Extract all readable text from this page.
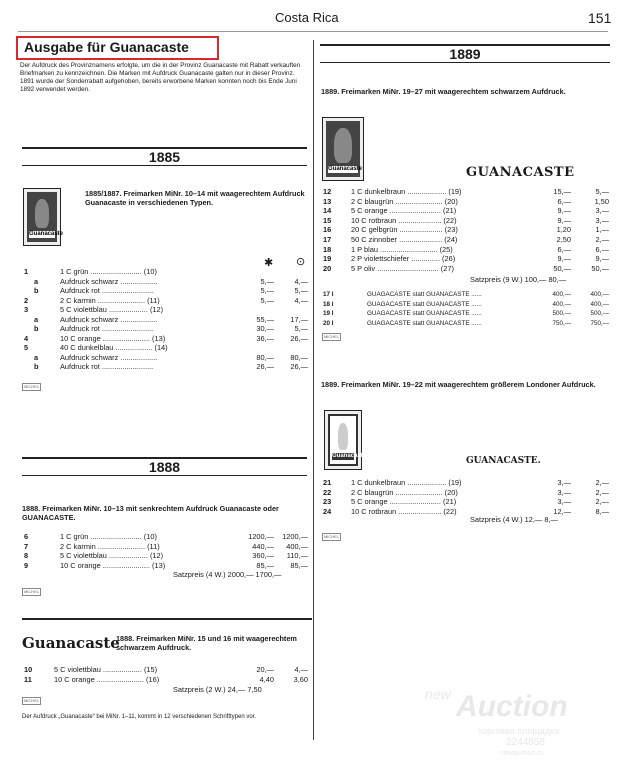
Costa Rica	151
Ausgabe für Guanacaste
Der Aufdruck des Provinznamens erfolgte, um die in der Provinz Guanacaste mit Rabatt verkauften Briefmarken zu kennzeichnen. Die Marken mit Aufdruck Guanacaste galten nur in dieser Provinz. 1891 wurde der Sonderrabatt aufgehoben, bereits erworbene Marken konnten noch bis Ende Juni 1892 verwendet werden.
1885
Guanacaste
1885/1887. Freimarken MiNr. 10–14 mit waagerechtem Aufdruck Guanacaste in verschiedenen Typen.
✱ ⊙
1	1 C grün ......................... (10)
a	Aufdruck schwarz ..................	5,—	4,—
b	Aufdruck rot .........................	5,—	5,—
2	2 C karmin ....................... (11)	5,—	4,—
3	5 C violettblau ................... (12)
a	Aufdruck schwarz ..................	55,— 17,—
b	Aufdruck rot .........................	30,—	5,—
4	10 C orange ....................... (13)	36,— 26,—
5	40 C dunkelblau .................. (14)
a	Aufdruck schwarz ..................	80,— 80,—
b	Aufdruck rot .........................	26,— 26,—
MICHEL
1888
1888. Freimarken MiNr. 10–13 mit senkrechtem Aufdruck Guanacaste oder GUANACASTE.
6	1 C grün ......................... (10)	1200,— 1200,—
7	2 C karmin ....................... (11)	440,— 400,—
8	5 C violettblau ................... (12)	360,— 110,—
9	10 C orange ....................... (13)	85,— 85,—
Satzpreis (4 W.) 2000,— 1700,—
MICHEL
Guanacaste
1888. Freimarken MiNr. 15 und 16 mit waagerechtem schwarzem Aufdruck.
10	5 C violettblau ................... (15)	20,—	4,—
11	10 C orange ....................... (16)	4,40	3,60
Satzpreis (2 W.) 24,— 7,50
MICHEL
Der Aufdruck „Guanacaste“ bei MiNr. 1–11, kommt in 12 verschiedenen Schrifttypen vor.
1889
1889. Freimarken MiNr. 19–27 mit waagerechtem schwarzem Aufdruck.
Guanacaste	GUANACASTE
12	1 C dunkelbraun ................... (19)	15,—	5,—
13	2 C blaugrün ....................... (20)	6,—	1,50
14	5 C orange ......................... (21)	9,—	3,—
15	10 C rotbraun ..................... (22)	9,—	3,—
16	20 C gelbgrün ..................... (23)	1,20	1,—
17	50 C zinnober ..................... (24)	2,50	2,—
18	1 P blau ............................ (25)	6,—	6,—
19	2 P violettschiefer .............. (26)	9,—	9,—
20	5 P oliv .............................. (27)	50,—	50,—
Satzpreis (9 W.) 100,— 80,—
17 I	GUAGACASTE statt GUANACASTE ......	400,—	400,—
18 I	GUAGACASTE statt GUANACASTE ......	400,—	400,—
19 I	GUAGACASTE statt GUANACASTE ......	500,—	500,—
20 I	GUAGACASTE statt GUANACASTE ......	750,—	750,—
MICHEL
1889. Freimarken MiNr. 19–22 mit waagerechtem größerem Londoner Aufdruck.
Guanacaste	GUANACASTE.
21	1 C dunkelbraun ................... (19)	3,—	2,—
22	2 C blaugrün ....................... (20)	3,—	2,—
23	5 C orange ......................... (21)	3,—	2,—
24	10 C rotbraun ..................... (22)	12,—	8,—
Satzpreis (4 W.) 12,— 8,—
MICHEL
new Auction
торговая площадка
2244858
newauction.ru
